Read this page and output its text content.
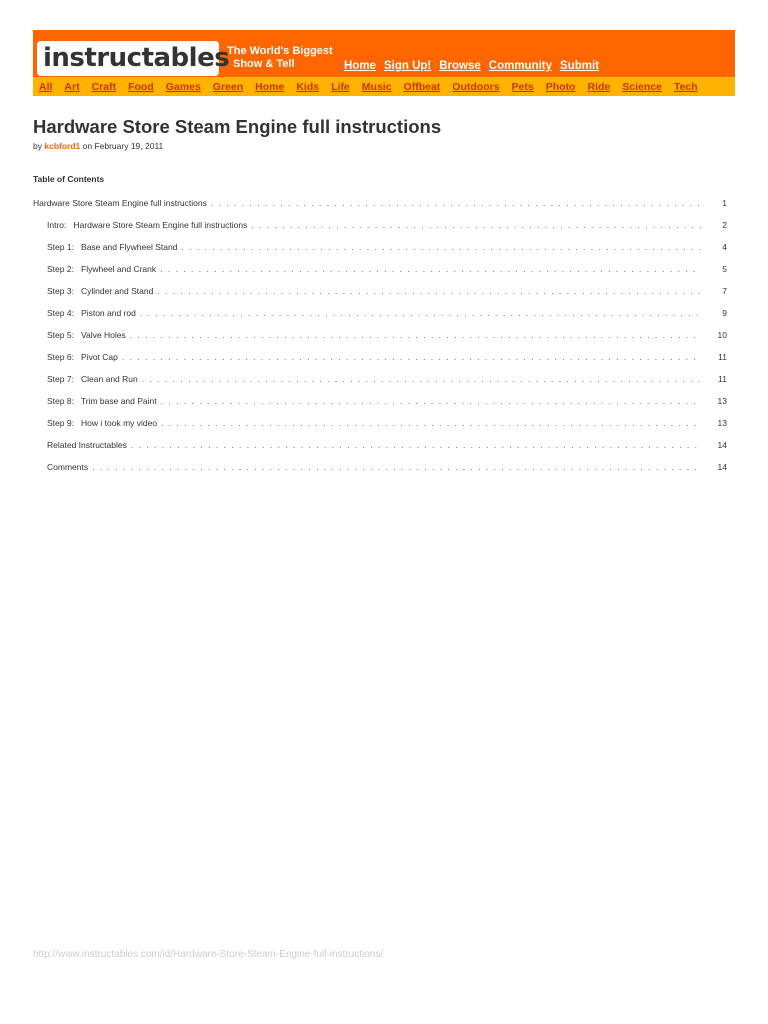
instructables
The World's Biggest
Show & Tell	Home Sign Up! Browse Community Submit
All Art Craft Food Games Green Home Kids Life Music Offbeat Outdoors Pets Photo Ride Science Tech
Hardware Store Steam Engine full instructions
by kcbford1 on February 19, 2011
Table of Contents
Hardware Store Steam Engine full instructions . . .	1
Intro:   Hardware Store Steam Engine full instructions . . .	2
Step 1:   Base and Flywheel Stand . . .	4
Step 2:   Flywheel and Crank . . .	5
Step 3:   Cylinder and Stand . . .	7
Step 4:   Piston and rod . . .	9
Step 5:   Valve Holes . . .	10
Step 6:   Pivot Cap . . .	11
Step 7:   Clean and Run . . .	11
Step 8:   Trim base and Paint . . .	13
Step 9:   How i took my video . . .	13
Related Instructables . . .	14
Comments . . .	14
http://www.instructables.com/id/Hardware-Store-Steam-Engine-full-instructions/
